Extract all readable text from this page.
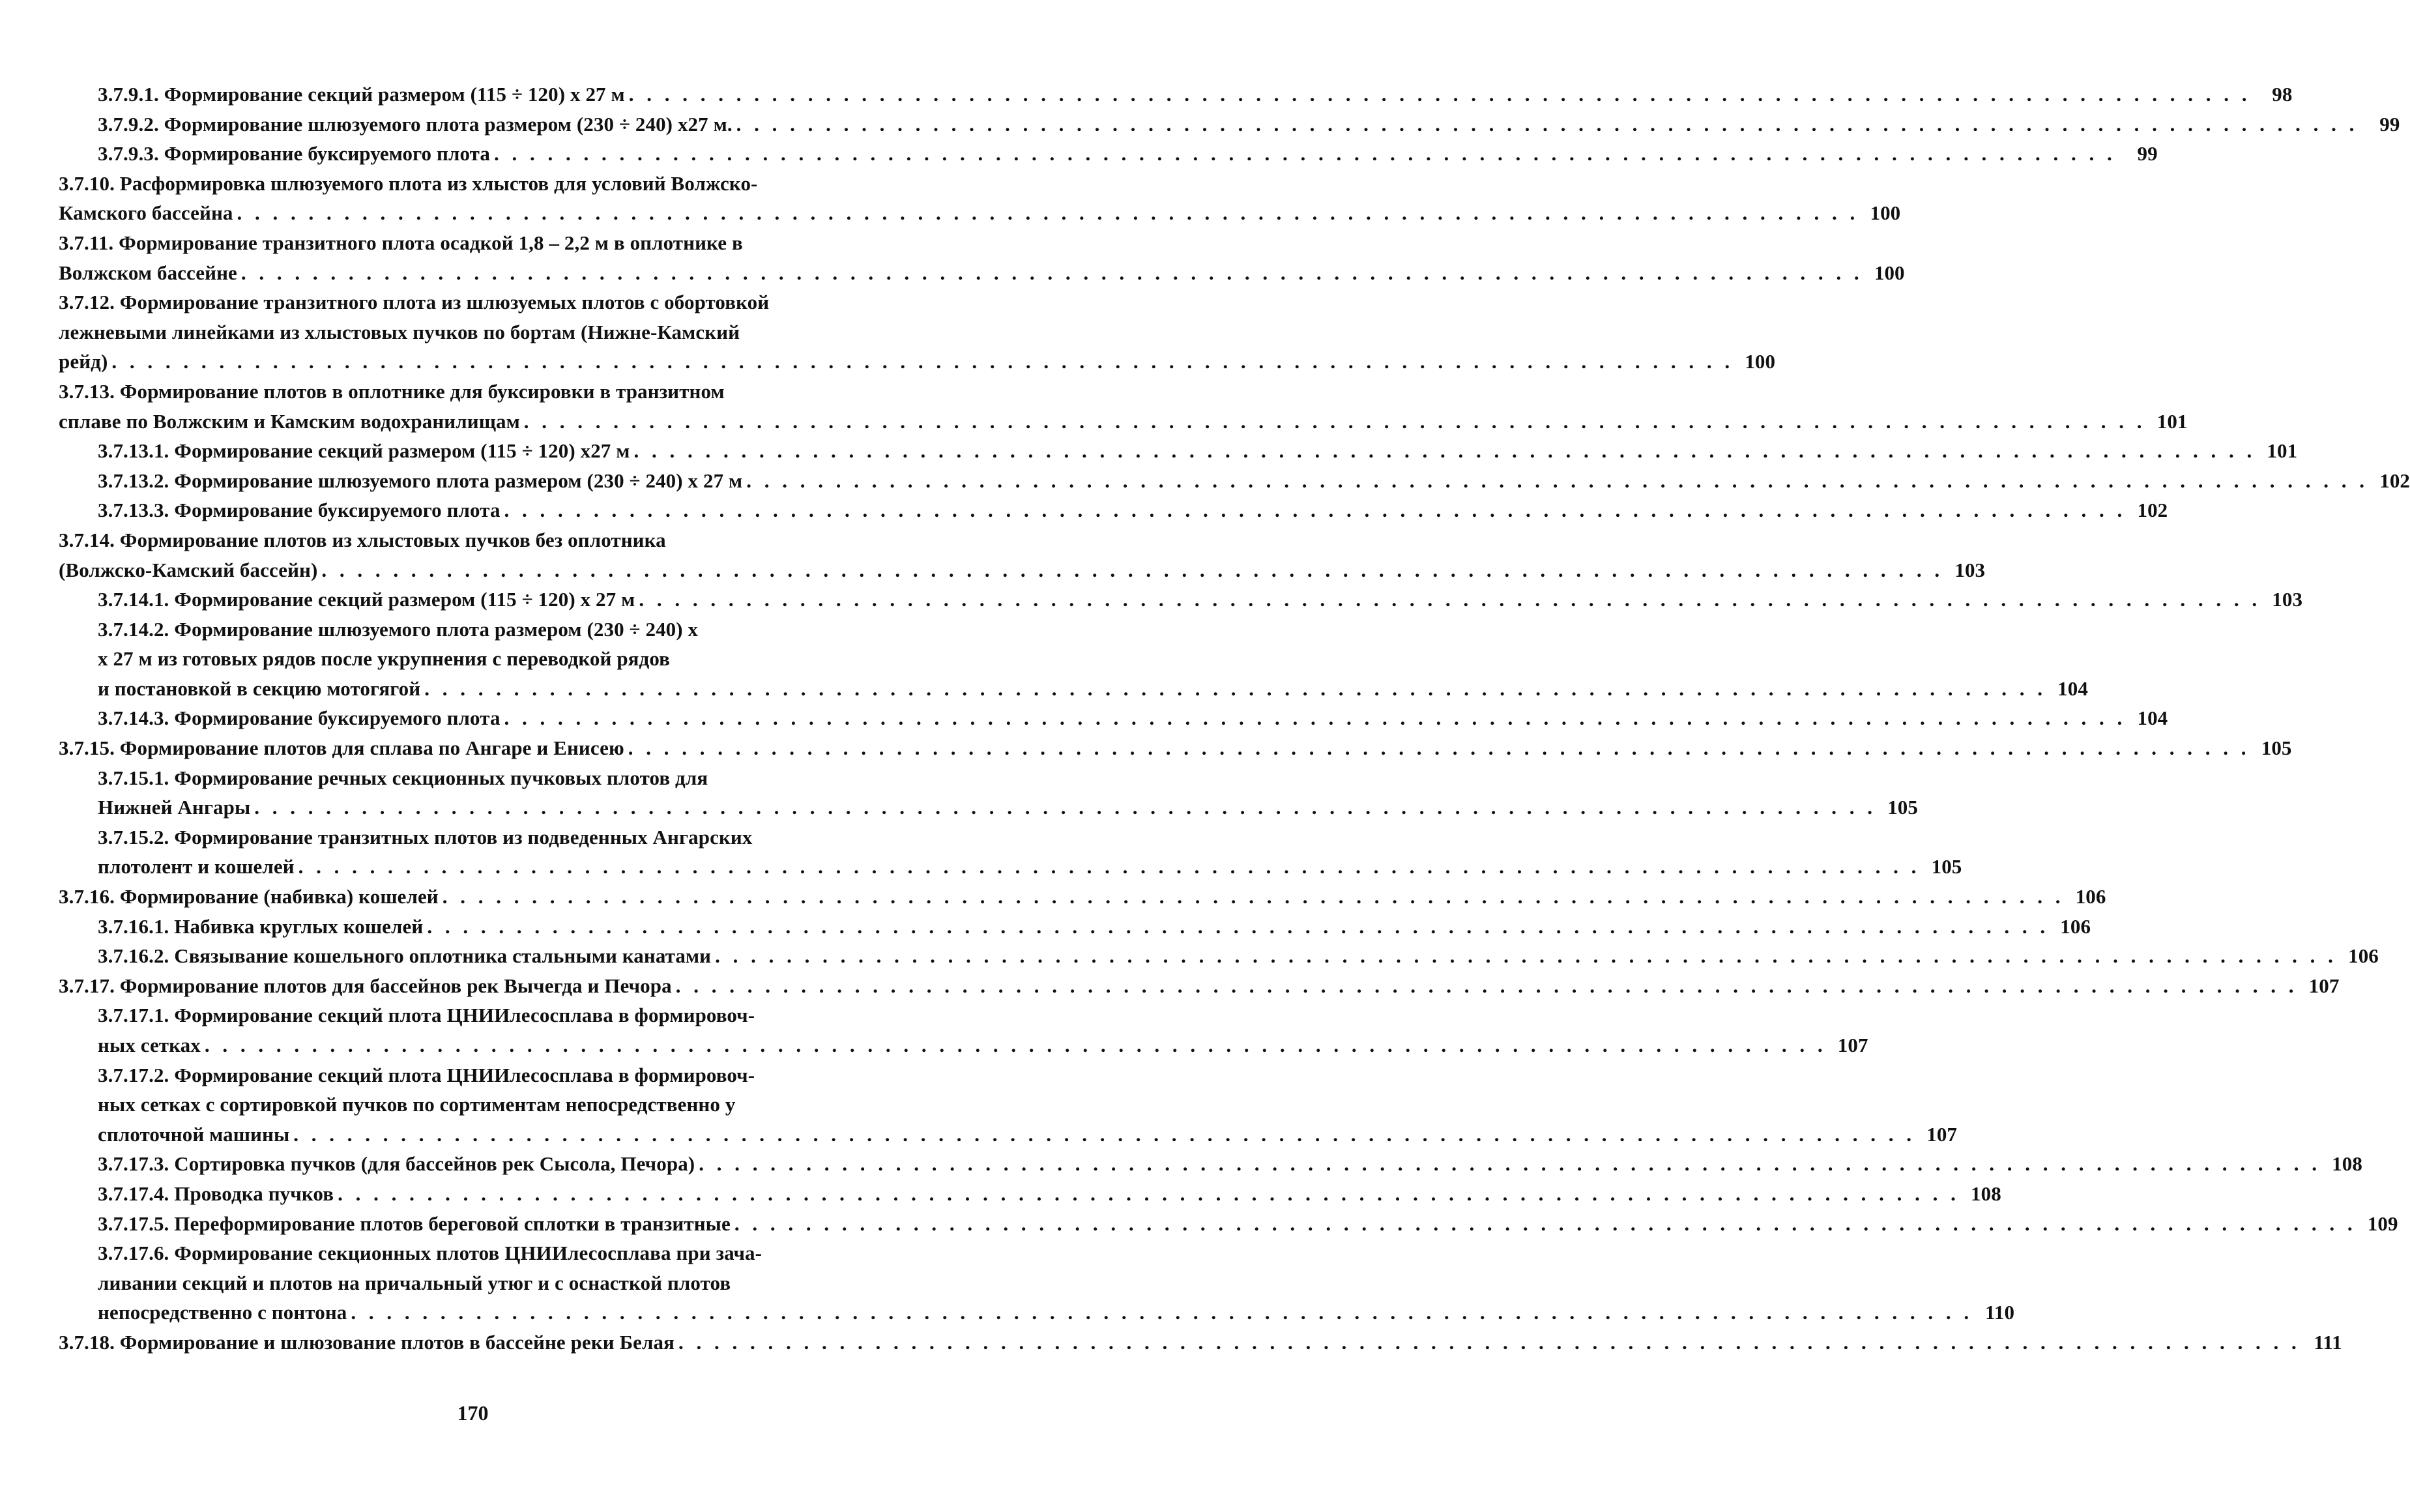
3.7.9.1. Формирование секций размером (115 ÷ 120) х 27 м . . .	98
3.7.9.2. Формирование шлюзуемого плота размером (230 ÷ 240) х27 м. . . .	99
3.7.9.3. Формирование буксируемого плота . . .	99
3.7.10. Расформировка шлюзуемого плота из хлыстов для условий Волжско-
Камского бассейна . . .	100
3.7.11. Формирование транзитного плота осадкой 1,8 – 2,2 м в оплотнике в
Волжском бассейне . . .	100
3.7.12. Формирование транзитного плота из шлюзуемых плотов с обортовкой
лежневыми линейками из хлыстовых пучков по бортам (Нижне-Камский
рейд) . . .	100
3.7.13. Формирование плотов в оплотнике для буксировки в транзитном
сплаве по Волжским и Камским водохранилищам . . .	101
3.7.13.1. Формирование секций размером (115 ÷ 120) х27 м . . .	101
3.7.13.2. Формирование шлюзуемого плота размером (230 ÷ 240) х 27 м . . .	102
3.7.13.3. Формирование буксируемого плота . . .	102
3.7.14. Формирование плотов из хлыстовых пучков без оплотника
(Волжско-Камский бассейн) . . .	103
3.7.14.1. Формирование секций размером (115 ÷ 120) х 27 м . . .	103
3.7.14.2. Формирование шлюзуемого плота размером (230 ÷ 240) х
х 27 м из готовых рядов после укрупнения с переводкой рядов
и постановкой в секцию мотогягой . . .	104
3.7.14.3. Формирование буксируемого плота . . .	104
3.7.15. Формирование плотов для сплава по Ангаре и Енисею . . .	105
3.7.15.1. Формирование речных секционных пучковых плотов для
Нижней Ангары . . .	105
3.7.15.2. Формирование транзитных плотов из подведенных Ангарских
плотолент и кошелей . . .	105
3.7.16. Формирование (набивка) кошелей . . .	106
3.7.16.1. Набивка круглых кошелей . . .	106
3.7.16.2. Связывание кошельного оплотника стальными канатами . . .	106
3.7.17. Формирование плотов для бассейнов рек Вычегда и Печора . . .	107
3.7.17.1. Формирование секций плота ЦНИИлесосплава в формировоч-
ных сетках . . .	107
3.7.17.2. Формирование секций плота ЦНИИлесосплава в формировоч-
ных сетках с сортировкой пучков по сортиментам непосредственно у
сплоточной машины . . .	107
3.7.17.3. Сортировка пучков (для бассейнов рек Сысола, Печора) . . .	108
3.7.17.4. Проводка пучков . . .	108
3.7.17.5. Переформирование плотов береговой сплотки в транзитные . . .	109
3.7.17.6. Формирование секционных плотов ЦНИИлесосплава при зача-
ливании секций и плотов на причальный утюг и с оснасткой плотов
непосредственно с понтона . . .	110
3.7.18. Формирование и шлюзование плотов в бассейне реки Белая . . .	111
170
